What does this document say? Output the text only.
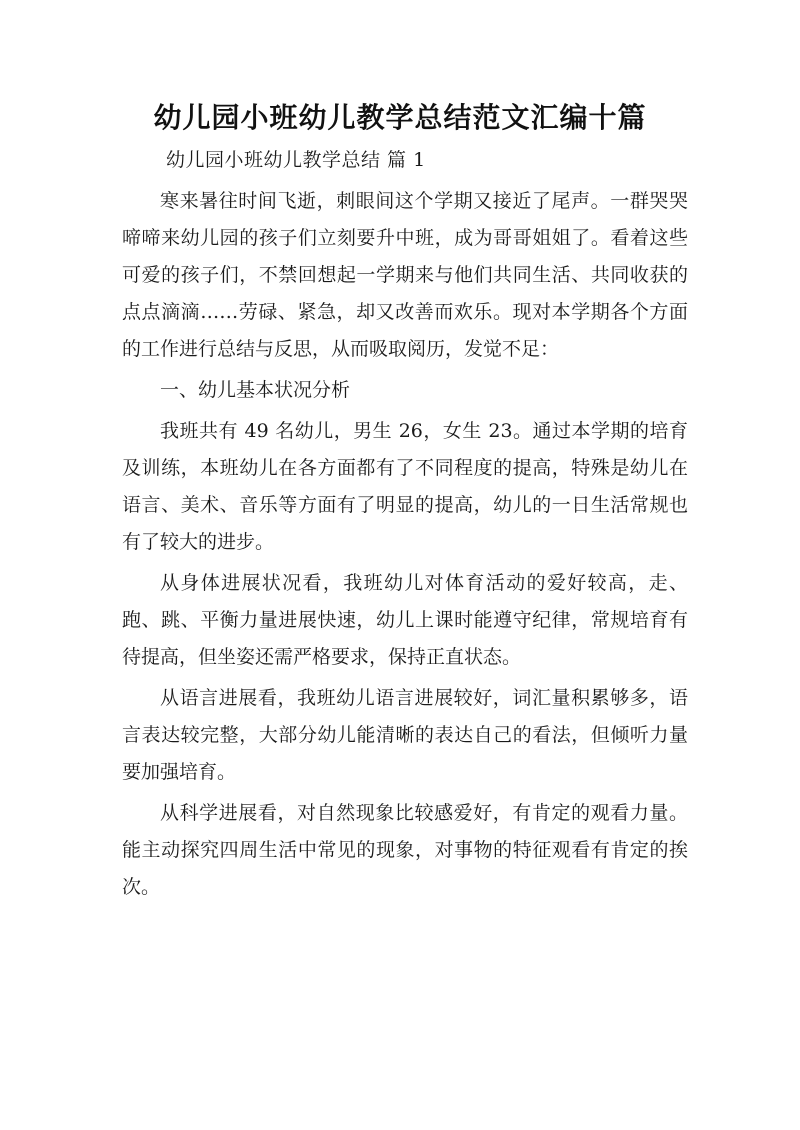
幼儿园小班幼儿教学总结范文汇编十篇

幼儿园小班幼儿教学总结 篇 1

寒来暑往时间飞逝，刺眼间这个学期又接近了尾声。一群哭哭啼啼来幼儿园的孩子们立刻要升中班，成为哥哥姐姐了。看着这些可爱的孩子们，不禁回想起一学期来与他们共同生活、共同收获的点点滴滴……劳碌、紧急，却又改善而欢乐。现对本学期各个方面的工作进行总结与反思，从而吸取阅历，发觉不足：

一、幼儿基本状况分析

我班共有 49 名幼儿，男生 26，女生 23。通过本学期的培育及训练，本班幼儿在各方面都有了不同程度的提高，特殊是幼儿在语言、美术、音乐等方面有了明显的提高，幼儿的一日生活常规也有了较大的进步。

从身体进展状况看，我班幼儿对体育活动的爱好较高，走、跑、跳、平衡力量进展快速，幼儿上课时能遵守纪律，常规培育有待提高，但坐姿还需严格要求，保持正直状态。

从语言进展看，我班幼儿语言进展较好，词汇量积累够多，语言表达较完整，大部分幼儿能清晰的表达自己的看法，但倾听力量要加强培育。

从科学进展看，对自然现象比较感爱好，有肯定的观看力量。能主动探究四周生活中常见的现象，对事物的特征观看有肯定的挨次。
